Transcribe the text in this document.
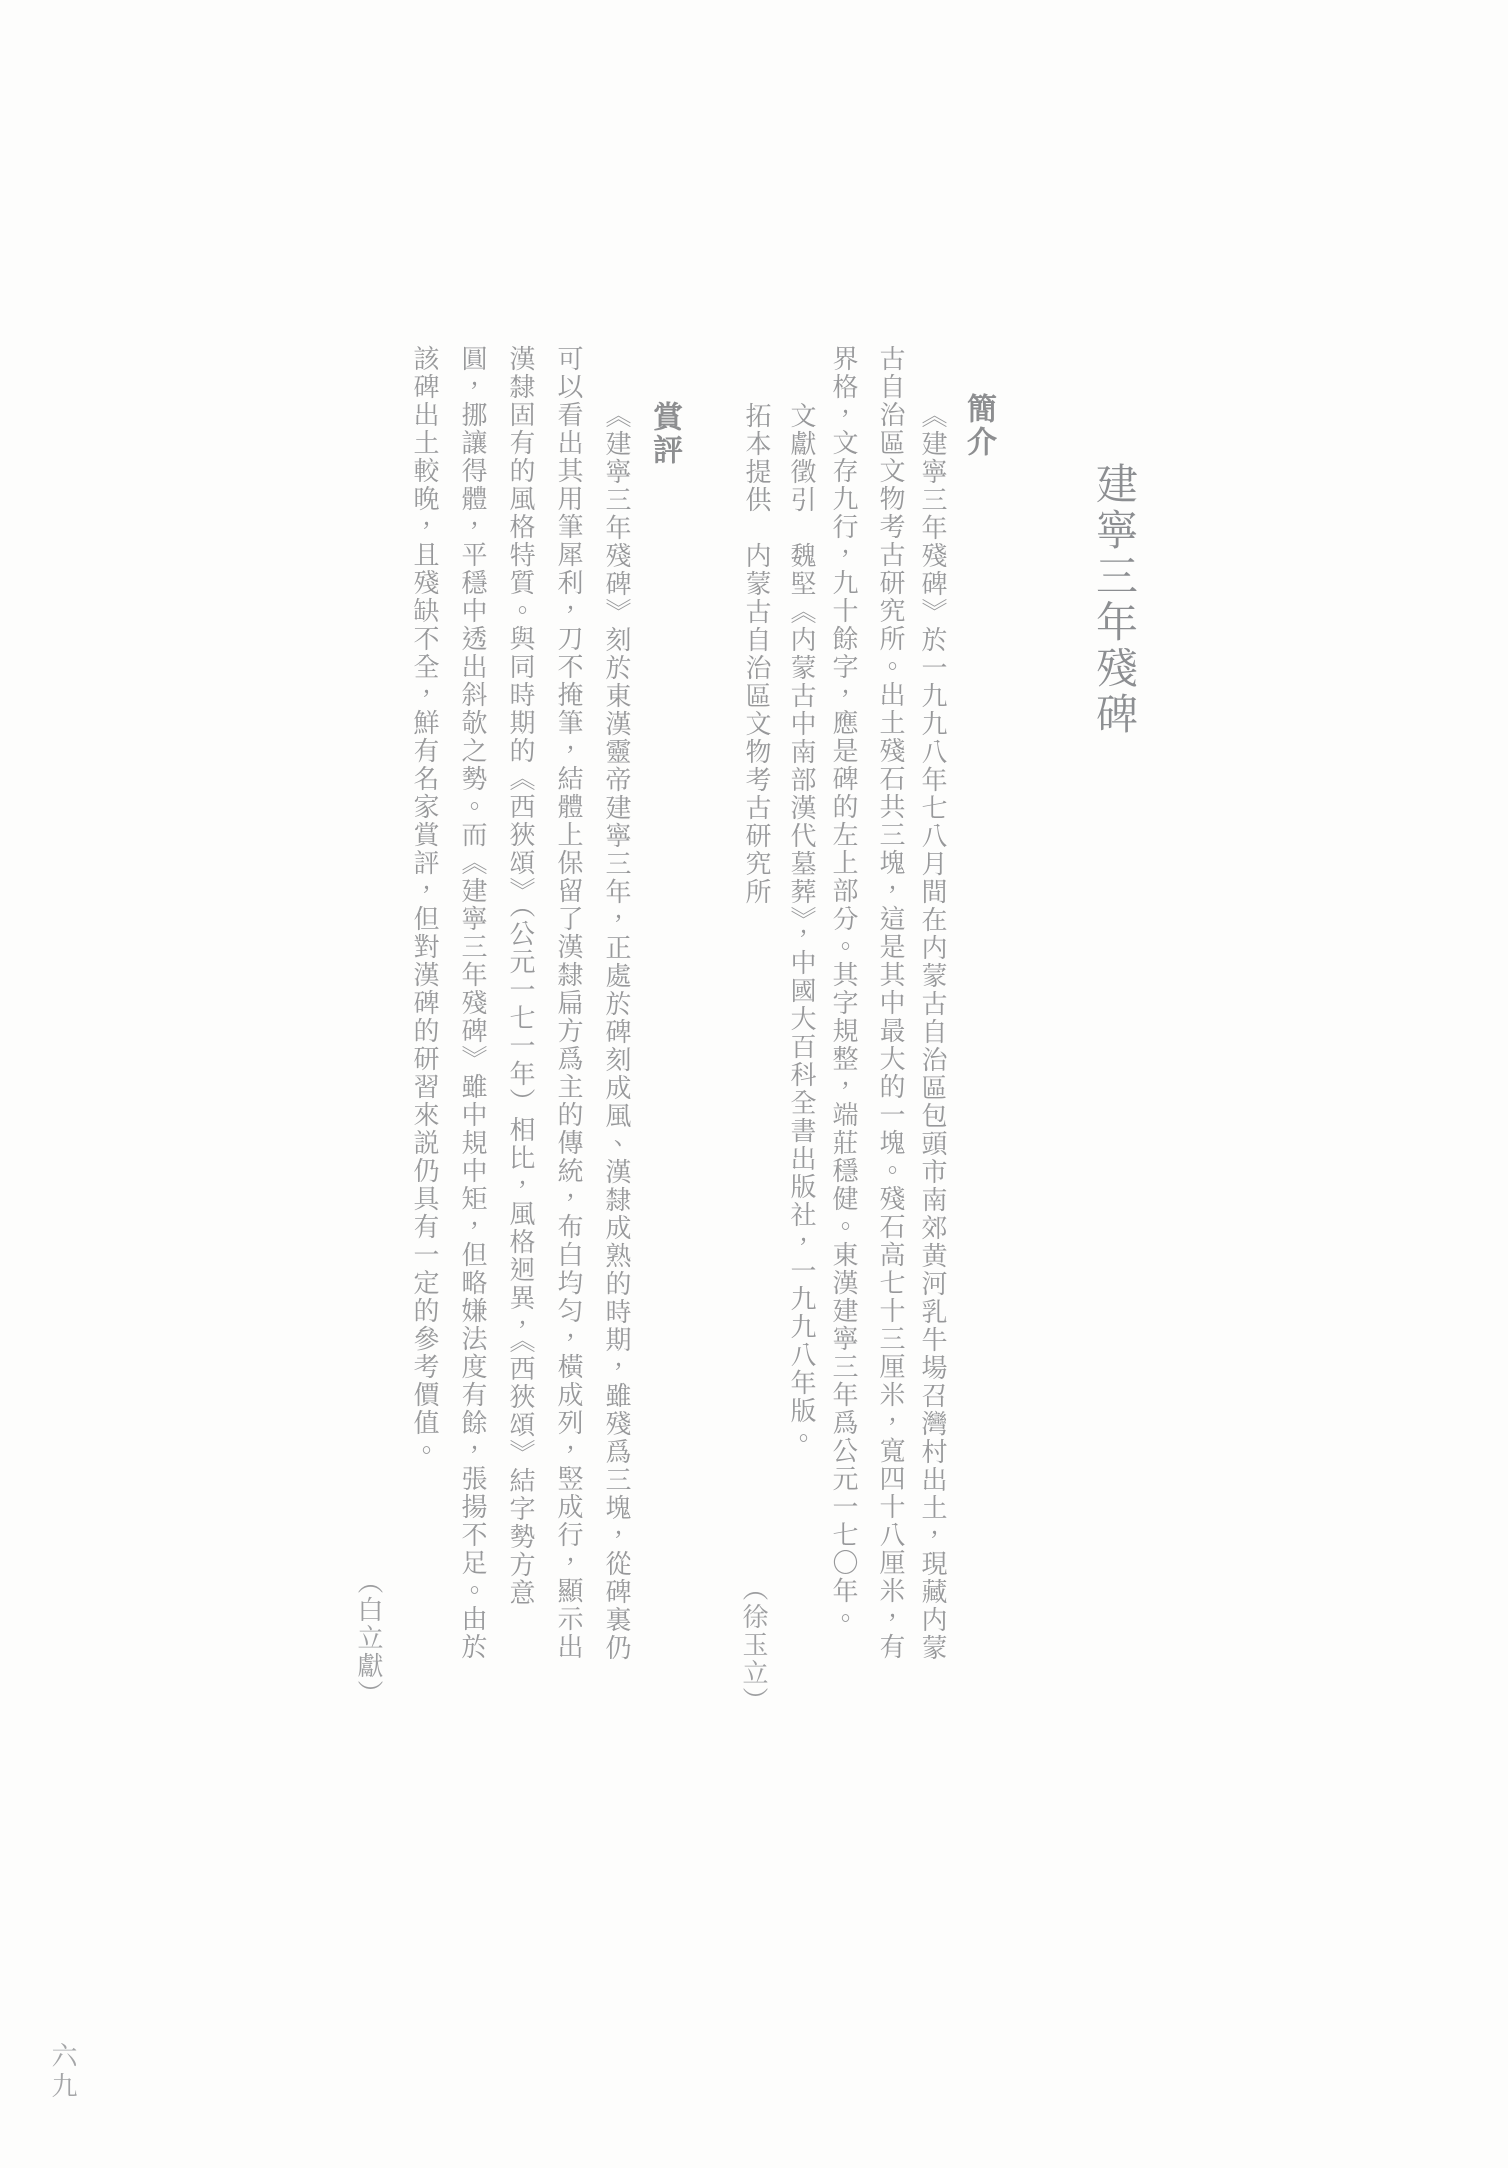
建寧三年殘碑
簡介
《建寧三年殘碑》於一九九八年七八月間在内蒙古自治區包頭市南郊黄河乳牛場召灣村出土，現藏内蒙
古自治區文物考古研究所。出土殘石共三塊，這是其中最大的一塊。殘石高七十三厘米，寬四十八厘米，有
界格，文存九行，九十餘字，應是碑的左上部分。其字規整，端莊穩健。東漢建寧三年爲公元一七〇年。
文獻徵引　魏堅《内蒙古中南部漢代墓葬》，中國大百科全書出版社，一九九八年版。
拓本提供　内蒙古自治區文物考古研究所
（徐玉立）
賞評
《建寧三年殘碑》刻於東漢靈帝建寧三年，正處於碑刻成風、漢隸成熟的時期，雖殘爲三塊，從碑裏仍
可以看出其用筆犀利，刀不掩筆，結體上保留了漢隸扁方爲主的傳統，布白均匀，橫成列，竪成行，顯示出
漢隸固有的風格特質。與同時期的《西狹頌》（公元一七一年）相比，風格迥異，《西狹頌》結字勢方意
圓，挪讓得體，平穩中透出斜欹之勢。而《建寧三年殘碑》雖中規中矩，但略嫌法度有餘，張揚不足。由於
該碑出土較晚，且殘缺不全，鮮有名家賞評，但對漢碑的研習來説仍具有一定的參考價值。
（白立獻）
六九
